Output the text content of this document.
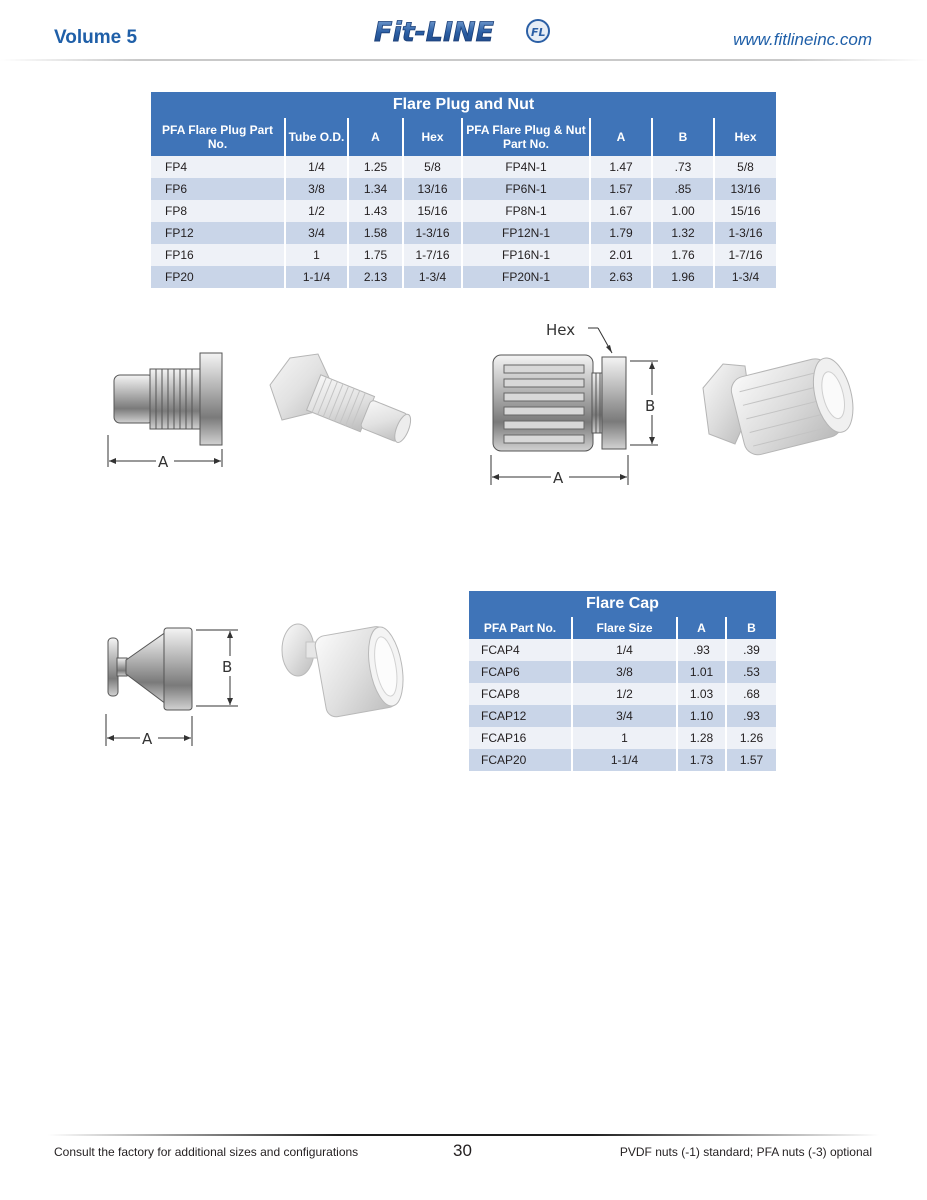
Volume 5	Fit-LINE	FL	www.fitlineinc.com
Flare Plug and Nut							
PFA Flare Plug Part No.	Tube O.D.	A	Hex	PFA Flare Plug & Nut Part No.	A	B	Hex
FP4	1/4	1.25	5/8	FP4N-1	1.47	.73	5/8
FP6	3/8	1.34	13/16	FP6N-1	1.57	.85	13/16
FP8	1/2	1.43	15/16	FP8N-1	1.67	1.00	15/16
FP12	3/4	1.58	1-3/16	FP12N-1	1.79	1.32	1-3/16
FP16	1	1.75	1-7/16	FP16N-1	2.01	1.76	1-7/16
FP20	1-1/4	2.13	1-3/4	FP20N-1	2.63	1.96	1-3/4
A
Hex
B
A
B
A
Flare Cap			
PFA Part No.	Flare Size	A	B
FCAP4	1/4	.93	.39
FCAP6	3/8	1.01	.53
FCAP8	1/2	1.03	.68
FCAP12	3/4	1.10	.93
FCAP16	1	1.28	1.26
FCAP20	1-1/4	1.73	1.57
Consult the factory for additional sizes and configurations	30	PVDF nuts (-1) standard; PFA nuts (-3) optional
